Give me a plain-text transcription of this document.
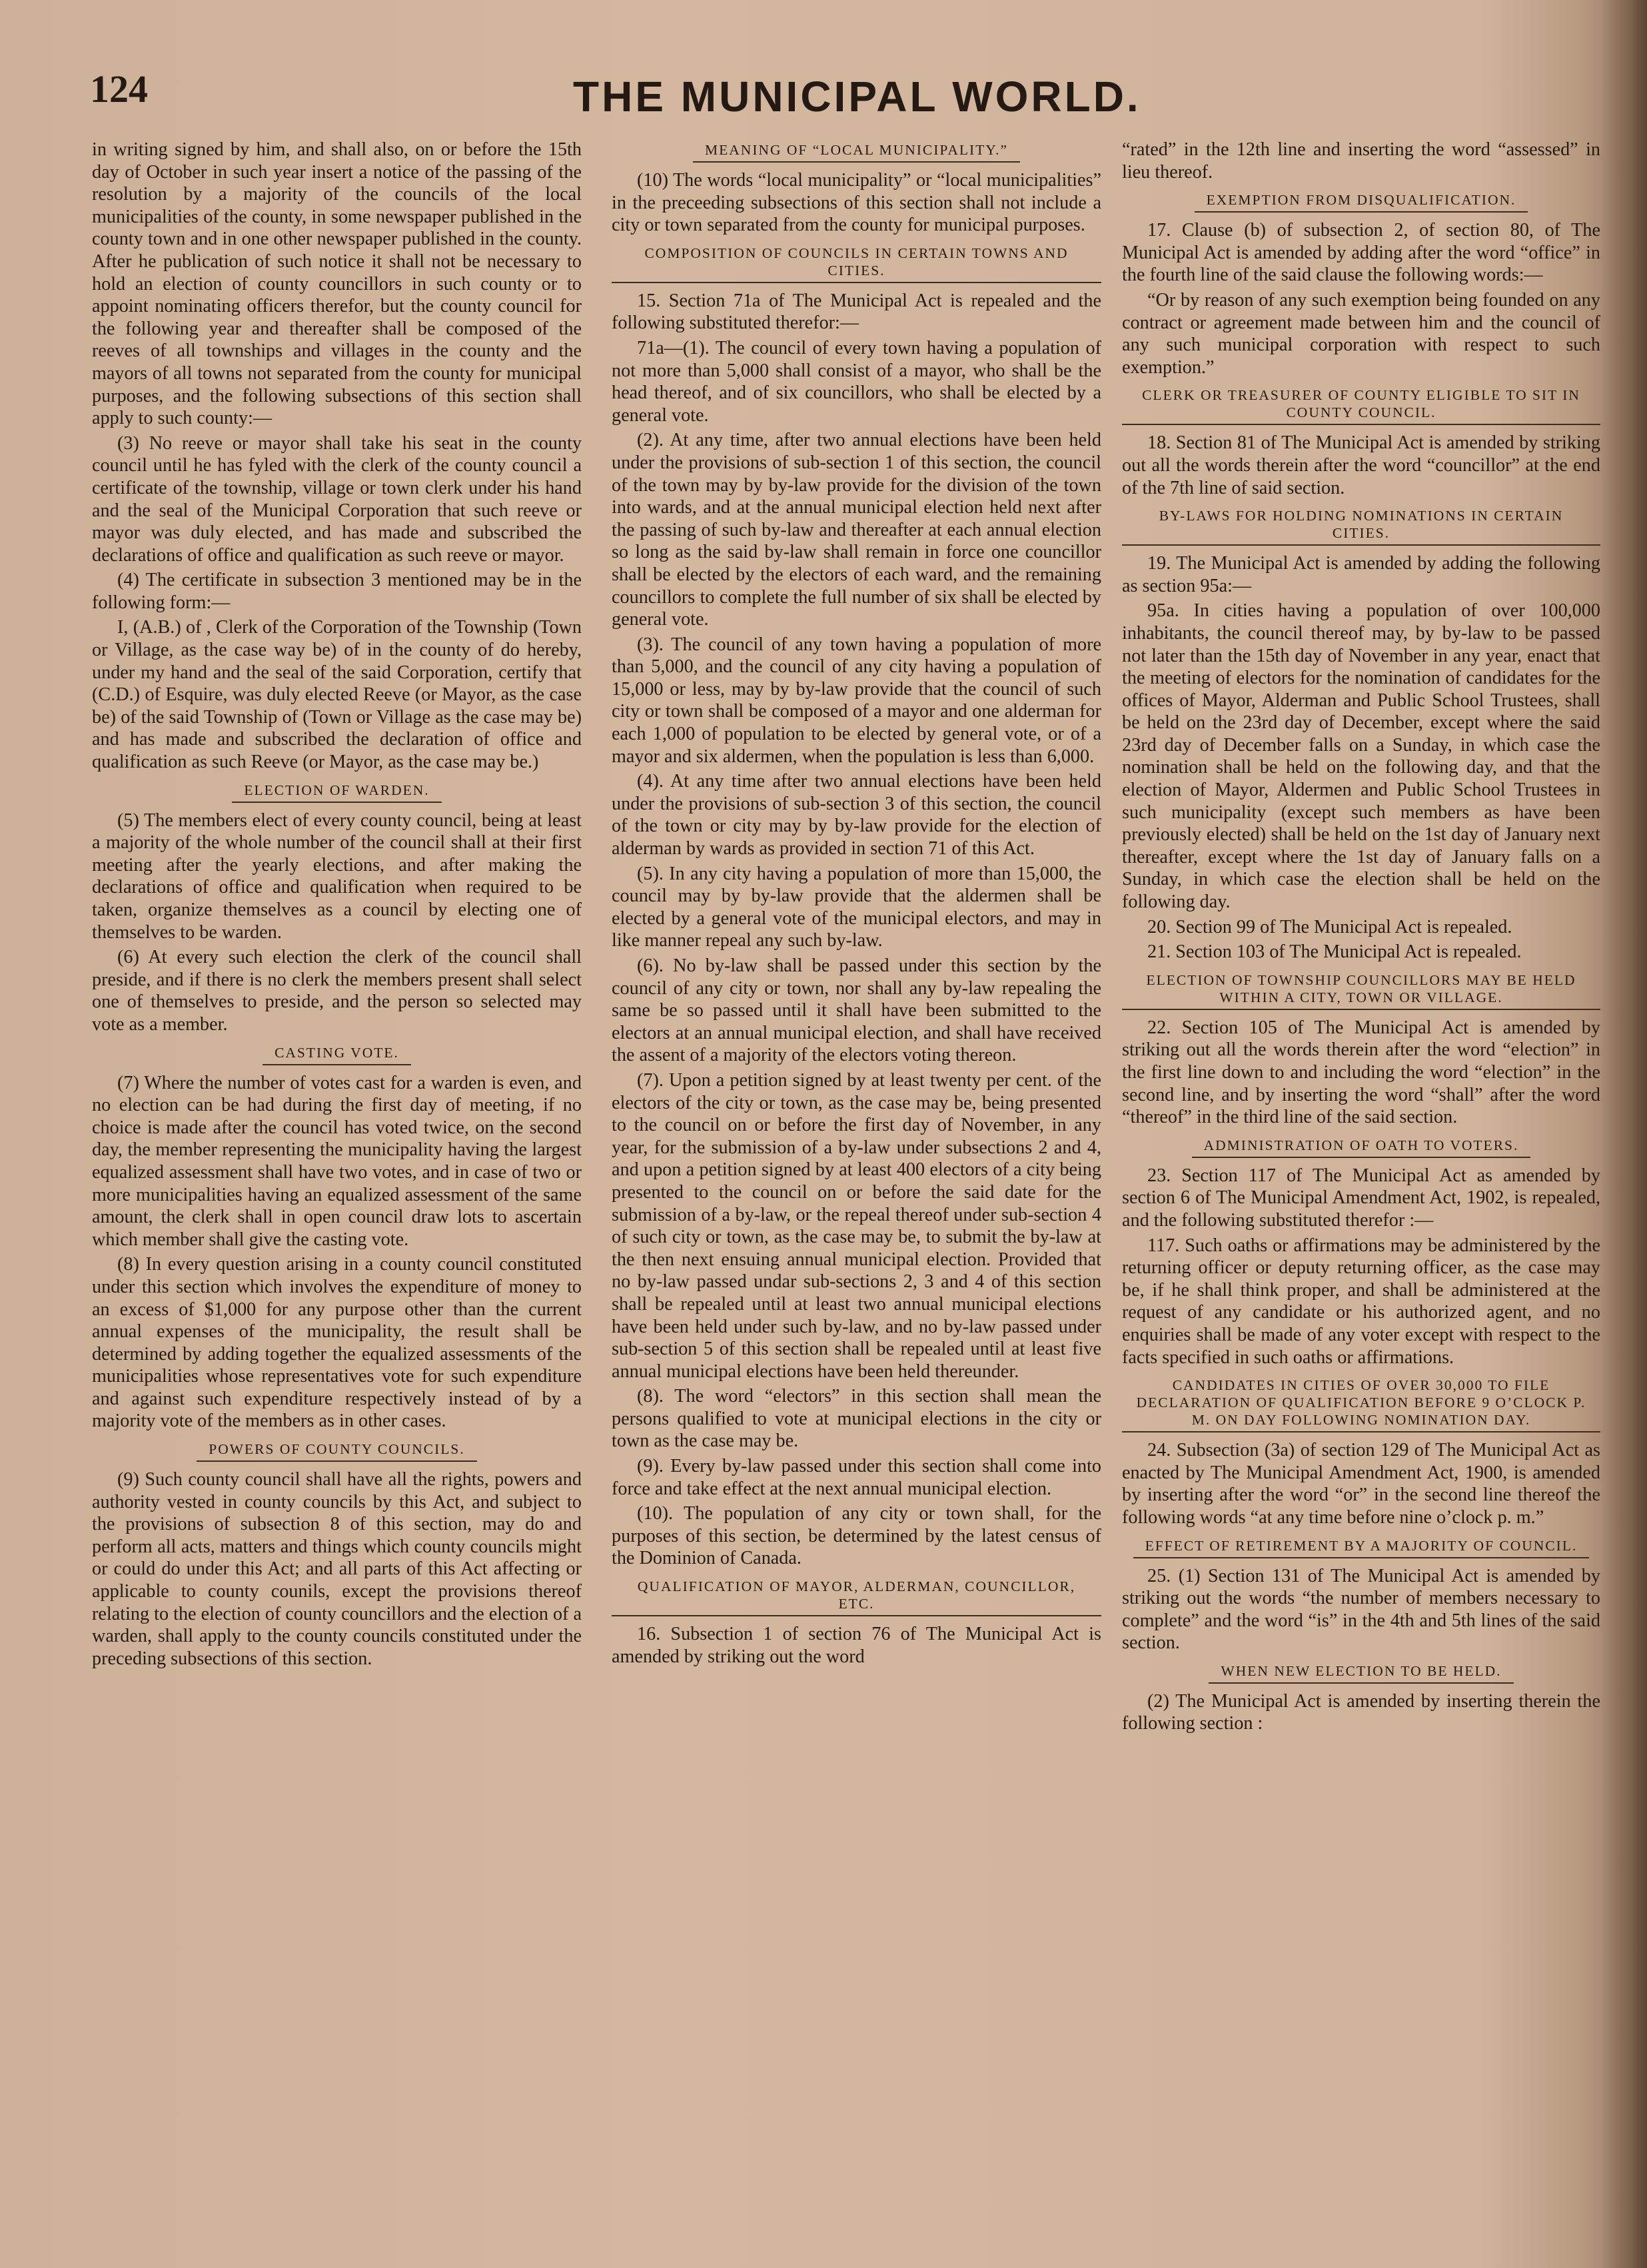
124	THE MUNICIPAL WORLD.

in writing signed by him, and shall also, on or before the 15th day of October in such year insert a notice of the passing of the resolution by a majority of the councils of the local municipalities of the county, in some newspaper published in the county town and in one other newspaper published in the county. After he publication of such notice it shall not be necessary to hold an election of county councillors in such county or to appoint nominating officers therefor, but the county council for the following year and thereafter shall be composed of the reeves of all townships and villages in the county and the mayors of all towns not separated from the county for municipal purposes, and the following subsections of this section shall apply to such county:—

(3) No reeve or mayor shall take his seat in the county council until he has fyled with the clerk of the county council a certificate of the township, village or town clerk under his hand and the seal of the Municipal Corporation that such reeve or mayor was duly elected, and has made and subscribed the declarations of office and qualification as such reeve or mayor.

(4) The certificate in subsection 3 mentioned may be in the following form:—

I, (A.B.) of , Clerk of the Corporation of the Township (Town or Village, as the case way be) of in the county of do hereby, under my hand and the seal of the said Corporation, certify that (C.D.) of Esquire, was duly elected Reeve (or Mayor, as the case be) of the said Township of (Town or Village as the case may be) and has made and subscribed the declaration of office and qualification as such Reeve (or Mayor, as the case may be.)

ELECTION OF WARDEN.

(5) The members elect of every county council, being at least a majority of the whole number of the council shall at their first meeting after the yearly elections, and after making the declarations of office and qualification when required to be taken, organize themselves as a council by electing one of themselves to be warden.

(6) At every such election the clerk of the council shall preside, and if there is no clerk the members present shall select one of themselves to preside, and the person so selected may vote as a member.

CASTING VOTE.

(7) Where the number of votes cast for a warden is even, and no election can be had during the first day of meeting, if no choice is made after the council has voted twice, on the second day, the member representing the municipality having the largest equalized assessment shall have two votes, and in case of two or more municipalities having an equalized assessment of the same amount, the clerk shall in open council draw lots to ascertain which member shall give the casting vote.

(8) In every question arising in a county council constituted under this section which involves the expenditure of money to an excess of $1,000 for any purpose other than the current annual expenses of the municipality, the result shall be determined by adding together the equalized assessments of the municipalities whose representatives vote for such expenditure and against such expenditure respectively instead of by a majority vote of the members as in other cases.

POWERS OF COUNTY COUNCILS.

(9) Such county council shall have all the rights, powers and authority vested in county councils by this Act, and subject to the provisions of subsection 8 of this section, may do and perform all acts, matters and things which county councils might or could do under this Act; and all parts of this Act affecting or applicable to county counils, except the provisions thereof relating to the election of county councillors and the election of a warden, shall apply to the county councils constituted under the preceding subsections of this section.

MEANING OF “LOCAL MUNICIPALITY.”

(10) The words “local municipality” or “local municipalities” in the preceeding subsections of this section shall not include a city or town separated from the county for municipal purposes.

COMPOSITION OF COUNCILS IN CERTAIN TOWNS AND CITIES.

15. Section 71a of The Municipal Act is repealed and the following substituted therefor:—

71a—(1). The council of every town having a population of not more than 5,000 shall consist of a mayor, who shall be the head thereof, and of six councillors, who shall be elected by a general vote.

(2). At any time, after two annual elections have been held under the provisions of sub-section 1 of this section, the council of the town may by by-law provide for the division of the town into wards, and at the annual municipal election held next after the passing of such by-law and thereafter at each annual election so long as the said by-law shall remain in force one councillor shall be elected by the electors of each ward, and the remaining councillors to complete the full number of six shall be elected by general vote.

(3). The council of any town having a population of more than 5,000, and the council of any city having a population of 15,000 or less, may by by-law provide that the council of such city or town shall be composed of a mayor and one alderman for each 1,000 of population to be elected by general vote, or of a mayor and six aldermen, when the population is less than 6,000.

(4). At any time after two annual elections have been held under the provisions of sub-section 3 of this section, the council of the town or city may by by-law provide for the election of alderman by wards as provided in section 71 of this Act.

(5). In any city having a population of more than 15,000, the council may by by-law provide that the aldermen shall be elected by a general vote of the municipal electors, and may in like manner repeal any such by-law.

(6). No by-law shall be passed under this section by the council of any city or town, nor shall any by-law repealing the same be so passed until it shall have been submitted to the electors at an annual municipal election, and shall have received the assent of a majority of the electors voting thereon.

(7). Upon a petition signed by at least twenty per cent. of the electors of the city or town, as the case may be, being presented to the council on or before the first day of November, in any year, for the submission of a by-law under subsections 2 and 4, and upon a petition signed by at least 400 electors of a city being presented to the council on or before the said date for the submission of a by-law, or the repeal thereof under sub-section 4 of such city or town, as the case may be, to submit the by-law at the then next ensuing annual municipal election. Provided that no by-law passed undar sub-sections 2, 3 and 4 of this section shall be repealed until at least two annual municipal elections have been held under such by-law, and no by-law passed under sub-section 5 of this section shall be repealed until at least five annual municipal elections have been held thereunder.

(8). The word “electors” in this section shall mean the persons qualified to vote at municipal elections in the city or town as the case may be.

(9). Every by-law passed under this section shall come into force and take effect at the next annual municipal election.

(10). The population of any city or town shall, for the purposes of this section, be determined by the latest census of the Dominion of Canada.

QUALIFICATION OF MAYOR, ALDERMAN, COUNCILLOR, ETC.

16. Subsection 1 of section 76 of The Municipal Act is amended by striking out the word

“rated” in the 12th line and inserting the word “assessed” in lieu thereof.

EXEMPTION FROM DISQUALIFICATION.

17. Clause (b) of subsection 2, of section 80, of The Municipal Act is amended by adding after the word “office” in the fourth line of the said clause the following words:—

“Or by reason of any such exemption being founded on any contract or agreement made between him and the council of any such municipal corporation with respect to such exemption.”

CLERK OR TREASURER OF COUNTY ELIGIBLE TO SIT IN COUNTY COUNCIL.

18. Section 81 of The Municipal Act is amended by striking out all the words therein after the word “councillor” at the end of the 7th line of said section.

BY-LAWS FOR HOLDING NOMINATIONS IN CERTAIN CITIES.

19. The Municipal Act is amended by adding the following as section 95a:—

95a. In cities having a population of over 100,000 inhabitants, the council thereof may, by by-law to be passed not later than the 15th day of November in any year, enact that the meeting of electors for the nomination of candidates for the offices of Mayor, Alderman and Public School Trustees, shall be held on the 23rd day of December, except where the said 23rd day of December falls on a Sunday, in which case the nomination shall be held on the following day, and that the election of Mayor, Aldermen and Public School Trustees in such municipality (except such members as have been previously elected) shall be held on the 1st day of January next thereafter, except where the 1st day of January falls on a Sunday, in which case the election shall be held on the following day.

20. Section 99 of The Municipal Act is repealed.

21. Section 103 of The Municipal Act is repealed.

ELECTION OF TOWNSHIP COUNCILLORS MAY BE HELD WITHIN A CITY, TOWN OR VILLAGE.

22. Section 105 of The Municipal Act is amended by striking out all the words therein after the word “election” in the first line down to and including the word “election” in the second line, and by inserting the word “shall” after the word “thereof” in the third line of the said section.

ADMINISTRATION OF OATH TO VOTERS.

23. Section 117 of The Municipal Act as amended by section 6 of The Municipal Amendment Act, 1902, is repealed, and the following substituted therefor :—

117. Such oaths or affirmations may be administered by the returning officer or deputy returning officer, as the case may be, if he shall think proper, and shall be administered at the request of any candidate or his authorized agent, and no enquiries shall be made of any voter except with respect to the facts specified in such oaths or affirmations.

CANDIDATES IN CITIES OF OVER 30,000 TO FILE DECLARATION OF QUALIFICATION BEFORE 9 O’CLOCK P. M. ON DAY FOLLOWING NOMINATION DAY.

24. Subsection (3a) of section 129 of The Municipal Act as enacted by The Municipal Amendment Act, 1900, is amended by inserting after the word “or” in the second line thereof the following words “at any time before nine o’clock p. m.”

EFFECT OF RETIREMENT BY A MAJORITY OF COUNCIL.

25. (1) Section 131 of The Municipal Act is amended by striking out the words “the number of members necessary to complete” and the word “is” in the 4th and 5th lines of the said section.

WHEN NEW ELECTION TO BE HELD.

(2) The Municipal Act is amended by inserting therein the following section :
